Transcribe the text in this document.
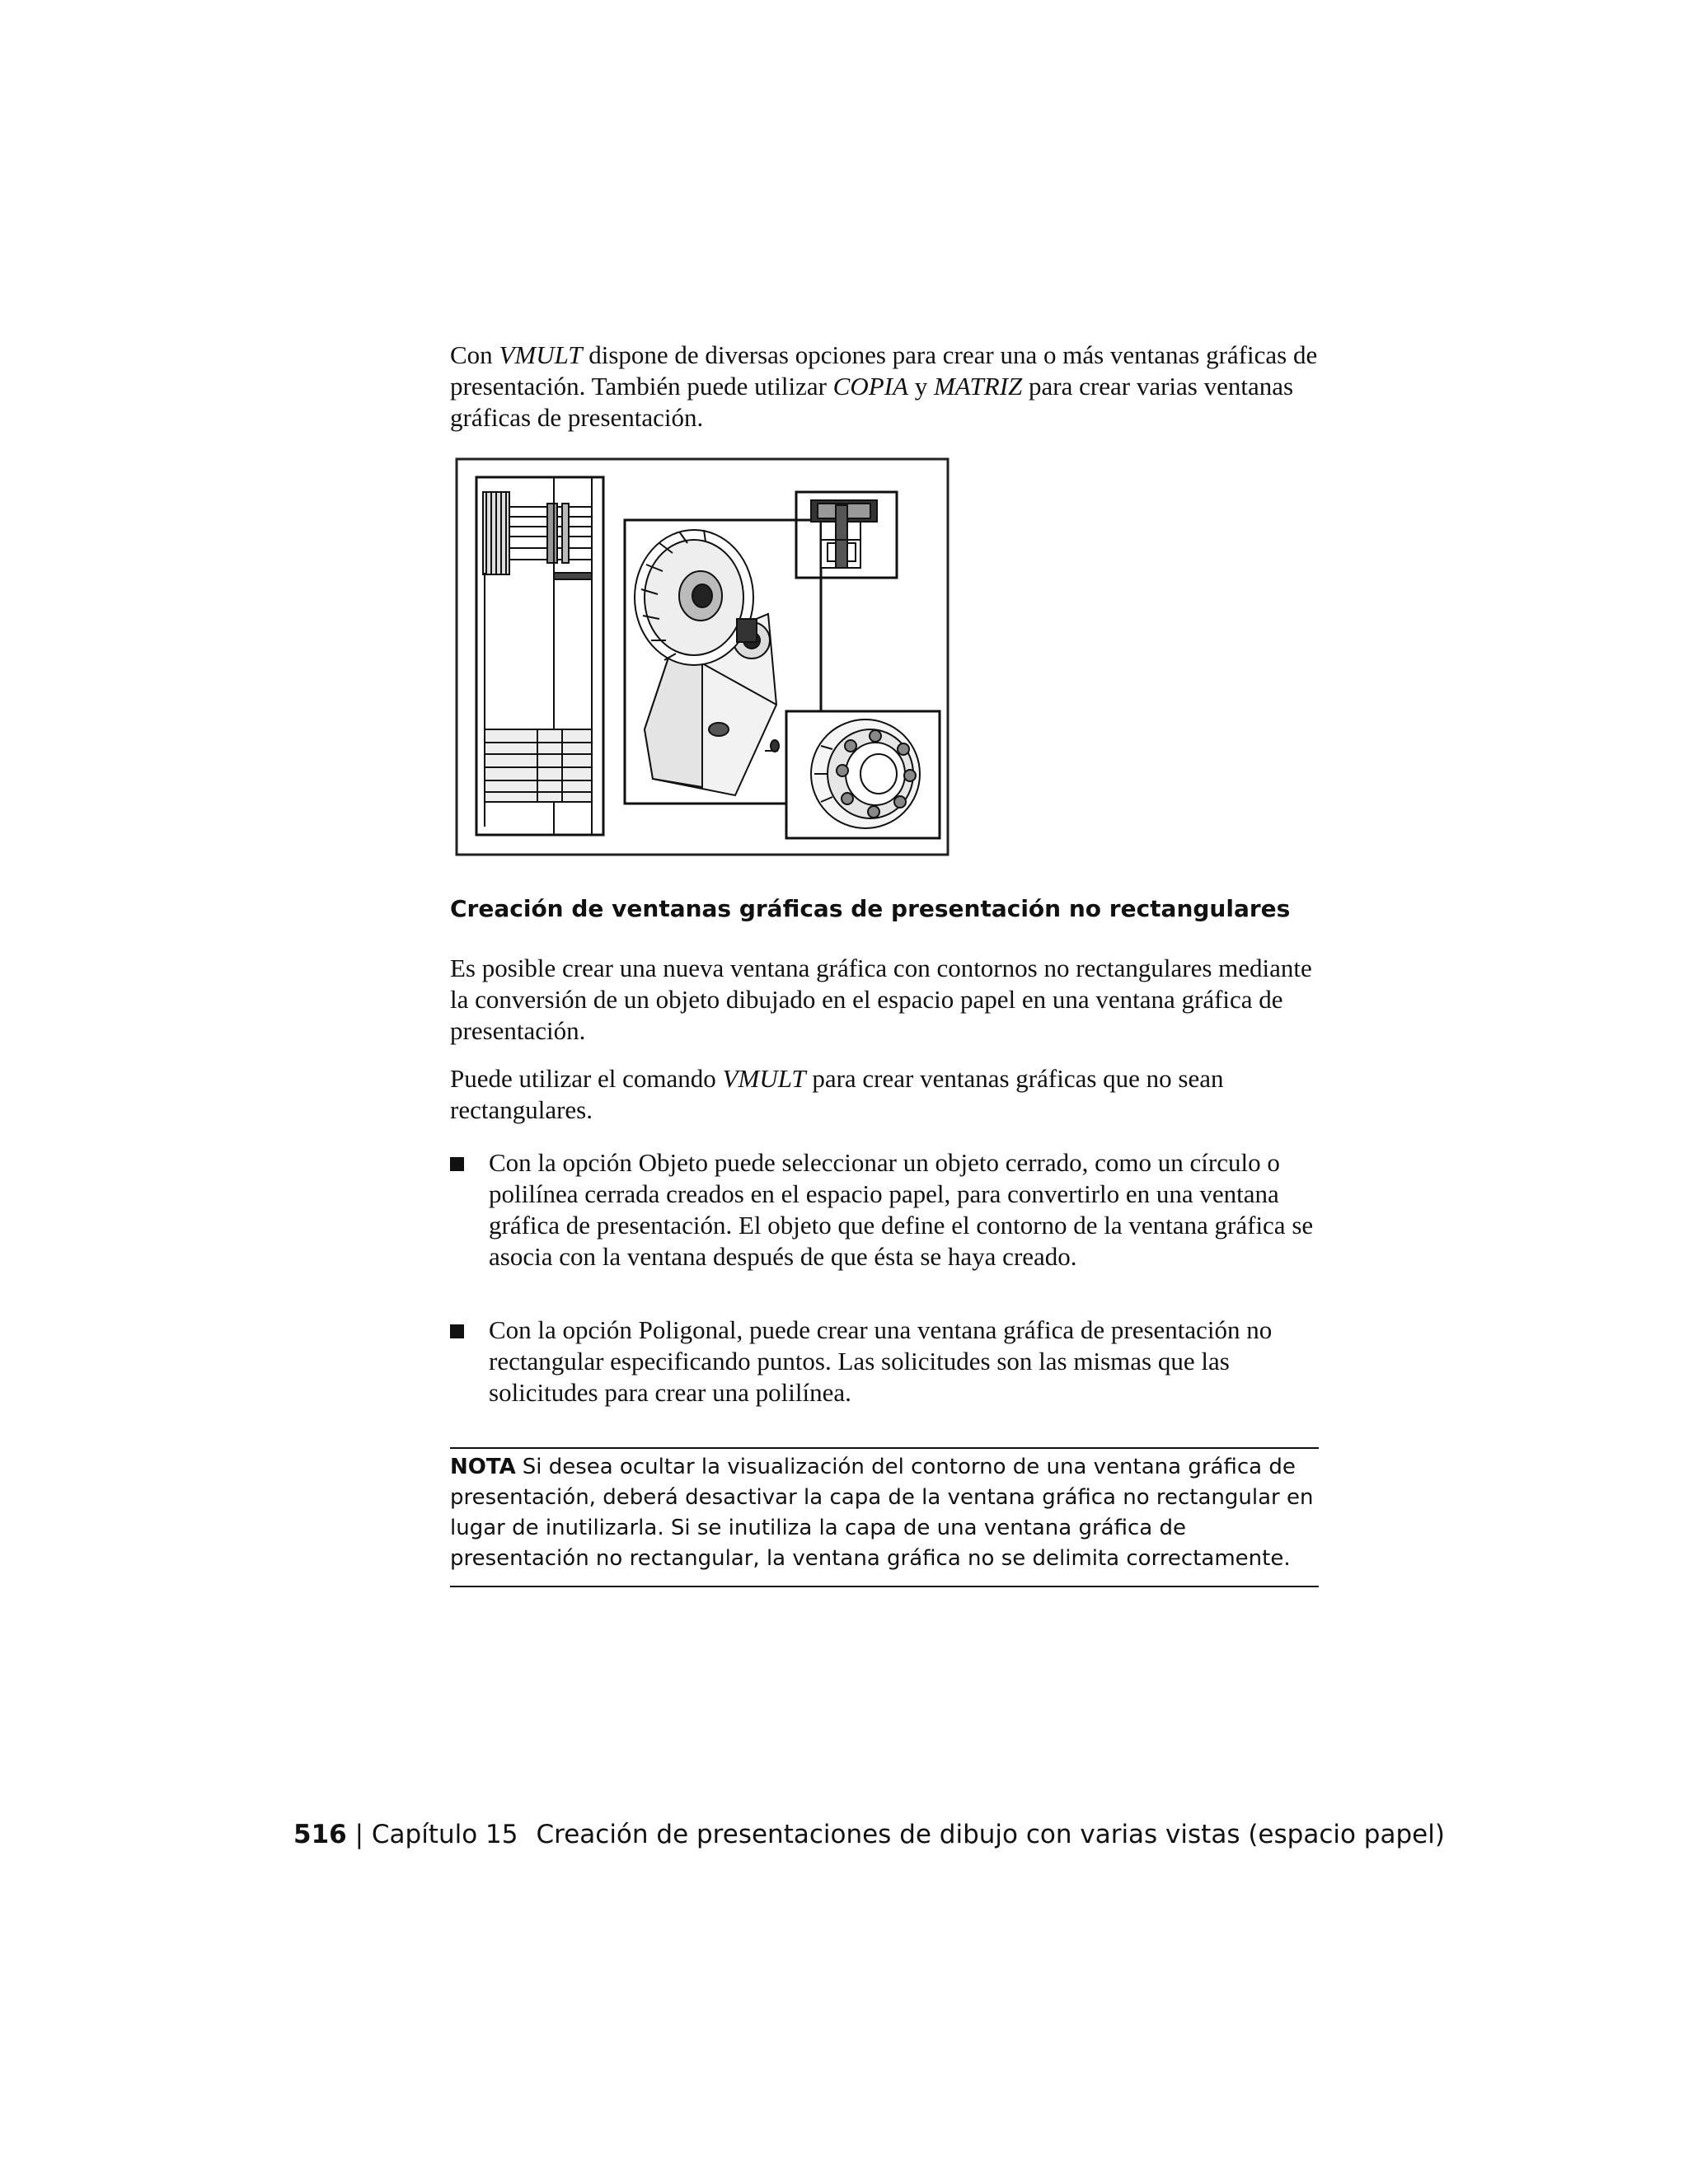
Con VMULT dispone de diversas opciones para crear una o más ventanas gráficas de presentación. También puede utilizar COPIA y MATRIZ para crear varias ventanas gráficas de presentación.

Creación de ventanas gráficas de presentación no rectangulares

Es posible crear una nueva ventana gráfica con contornos no rectangulares mediante la conversión de un objeto dibujado en el espacio papel en una ventana gráfica de presentación.

Puede utilizar el comando VMULT para crear ventanas gráficas que no sean rectangulares.

Con la opción Objeto puede seleccionar un objeto cerrado, como un círculo o polilínea cerrada creados en el espacio papel, para convertirlo en una ventana gráfica de presentación. El objeto que define el contorno de la ventana gráfica se asocia con la ventana después de que ésta se haya creado.

Con la opción Poligonal, puede crear una ventana gráfica de presentación no rectangular especificando puntos. Las solicitudes son las mismas que las solicitudes para crear una polilínea.

NOTA Si desea ocultar la visualización del contorno de una ventana gráfica de presentación, deberá desactivar la capa de la ventana gráfica no rectangular en lugar de inutilizarla. Si se inutiliza la capa de una ventana gráfica de presentación no rectangular, la ventana gráfica no se delimita correctamente.

516 | Capítulo 15 Creación de presentaciones de dibujo con varias vistas (espacio papel)
